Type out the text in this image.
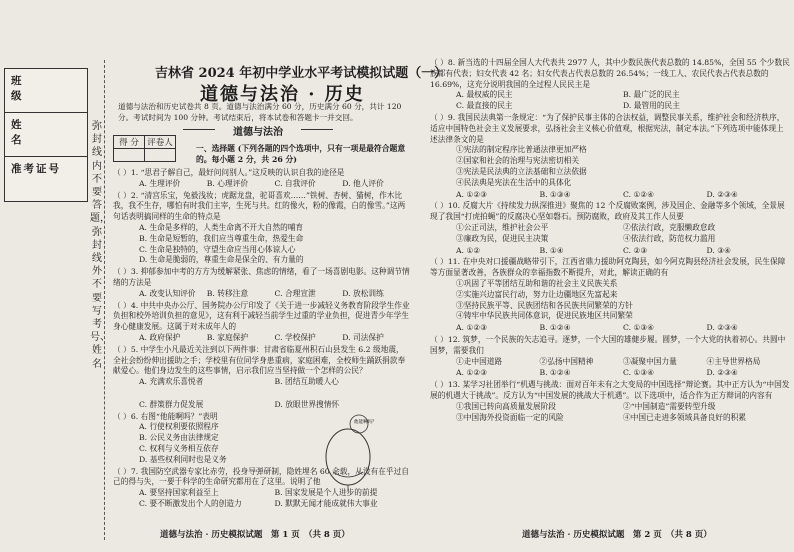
班 级
姓 名
准考证号
弥封线内不要答题，弥封线外不要写考号、姓名
吉林省 2024 年初中学业水平考试模拟试题（一）
道德与法治 · 历史
道德与法治和历史试卷共 8 页。道德与法治满分 60 分，历史满分 60 分，共计 120 分。考试时间为 100 分钟。考试结束后，将本试卷和答题卡一并交回。
道德与法治
得 分	评卷人

一、选择题 (下列各题的四个选项中，只有一项是最符合题意的。每小题 2 分，共 26 分)
（ ）1. “思君子解自己，最好问问别人。”这反映的认识自我的途径是
A. 生理评价	B. 心理评价	C. 自我评价	D. 他人评价
（ ）2. “清宫乐宝，兔毅浅妆；虎踞龙盘，驼哥喜欢……”铁树、杏树、猫树，作木比我，我不生存，哪怕有时我们主宰，生死与共。红的像火，粉的像霞，白的像雪。”这两句话表明搞同样的生命的特点是
A. 生命是多样的，人类生命离不开大自然的哺育
B. 生命是短暂的，我们应当尊重生命，热爱生命
C. 生命是独特的，守望生命应当用心体谅人心
D. 生命是脆弱的，尊重生命是保全的、有力量的
（ ）3. 抑郁参加中考的方方为缓解紧张、焦虑的情绪，看了一场喜剧电影。这种调节情绪的方法是
A. 改变认知评价	B. 转移注意	C. 合理宣泄	D. 放松训练
（ ）4. 中共中央办公厅、国务院办公厅印发了《关于进一步减轻义务教育阶段学生作业负担和校外培训负担的意见》，这有利于减轻当前学生过重的学业负担，促进青少年学生身心健康发展。这属于对未成年人的
A. 政府保护	B. 家庭保护	C. 学校保护	D. 司法保护
（ ）5. 中学生小凡最近关注到以下两件事：甘肃省临夏州积石山县发生 6.2 级地震，全社会纷纷伸出援助之手；学校里有位同学身患重病，家庭困难，全校师生踊跃捐款奉献爱心。他们身边发生的这些事情，启示我们应当坚持做一个怎样的公民？
A. 充满欢乐喜悦者	B. 团结互助暖人心
C. 群策群力促发展	D. 放眼世界搜情怀
（ ）6. 右图“他能啊吗？”表明
A. 行使权利要依照程序
B. 公民义务由法律规定
C. 权利与义务相互依存
D. 基些权利同时也是义务
（ ）7. 我国防空武器专家比赤劳，投身导弹研制，隐姓埋名 60 余载，从没有在乎过自己的得与失，一要于科学的生命研究都用在了这里。说明了他
A. 要坚持国家利益至上	B. 国家发展是个人进步的前提
C. 要不断激发出个人的创造力	D. 默默无闻才能成就伟大事业
他能啊吗？
（ ）8. 新当选的十四届全国人大代表共 2977 人，其中少数民族代表总数的 14.85%，全国 55 个少数民族都有代表；妇女代表 42 名；妇女代表占代表总数的 26.54%；一线工人、农民代表占代表总数的 16.69%，这充分说明我国的全过程人民民主是
A. 最权威的民主	B. 最广泛的民主
C. 最直接的民主	D. 最管用的民主
（ ）9. 我国民法典第一条规定：“为了保护民事主体的合法权益，调整民事关系，维护社会和经济秩序，适应中国特色社会主义发展要求，弘扬社会主义核心价值观，根据宪法，制定本法。”下列选项中能体现上述法律条文的是
①宪法的制定程序比普通法律更加严格
②国家和社会的治理与宪法密切相关
③宪法是民法典的立法基础和立法依据
④民法典是宪法在生活中的具体化
A. ①②③	B. ①③④	C. ①②④	D. ②③④
（ ）10. 反腐大片《持续发力纵深推进》聚焦的 12 个反腐败案例，涉及国企、金融等多个领域，全景展现了我国“打虎拍蝇”的反腐决心坚如磐石。预防腐败，政府及其工作人员要
①公正司法，维护社会公平	②依法行政，克服懒政怠政
③廉政为民，促进民主决策	④依法行政，防范权力滥用
A. ①②	B. ①④	C. ②③	D. ③④
（ ）11. 在中央对口援疆战略带引下，江西省鼎力援助阿克陶县，如今阿克陶县经济社会发展，民生保障等方面显著改善，各族群众的幸福指数不断提升，对此，解读正确的有
①巩固了平等团结互助和谐的社会主义民族关系
②实施兴边富民行动，努力让边疆地区先富起来
③坚持民族平等、民族团结和各民族共同繁荣的方针
④铸牢中华民族共同体意识，促进民族地区共同繁荣
A. ①②③	B. ①②④	C. ①③④	D. ②③④
（ ）12. 筑梦，一个民族的矢志追寻。逐梦，一个大国的雄健步履。圆梦，一个大党的执着初心。共圆中国梦，需要我们
①走中国道路	②弘扬中国精神	③凝聚中国力量	④主导世界格局
A. ①②③	B. ①②④	C. ①③④	D. ②③④
（ ）13. 某学习社团举行“机遇与挑战：面对百年未有之大变局的中国选择”辩论赛。其中正方认为“中国发展的机遇大于挑战”。反方认为“中国发展的挑战大于机遇”。以下选项中，适合作为正方辩词的内容有
①我国已转向高质量发展阶段	②“中国制造”需要转型升级
③中国海外投资面临一定的风险	④中国已走进多领域具备良好的积累
道德与法治 · 历史模拟试题　第 1 页　（共 8 页）	道德与法治 · 历史模拟试题　第 2 页　（共 8 页）
